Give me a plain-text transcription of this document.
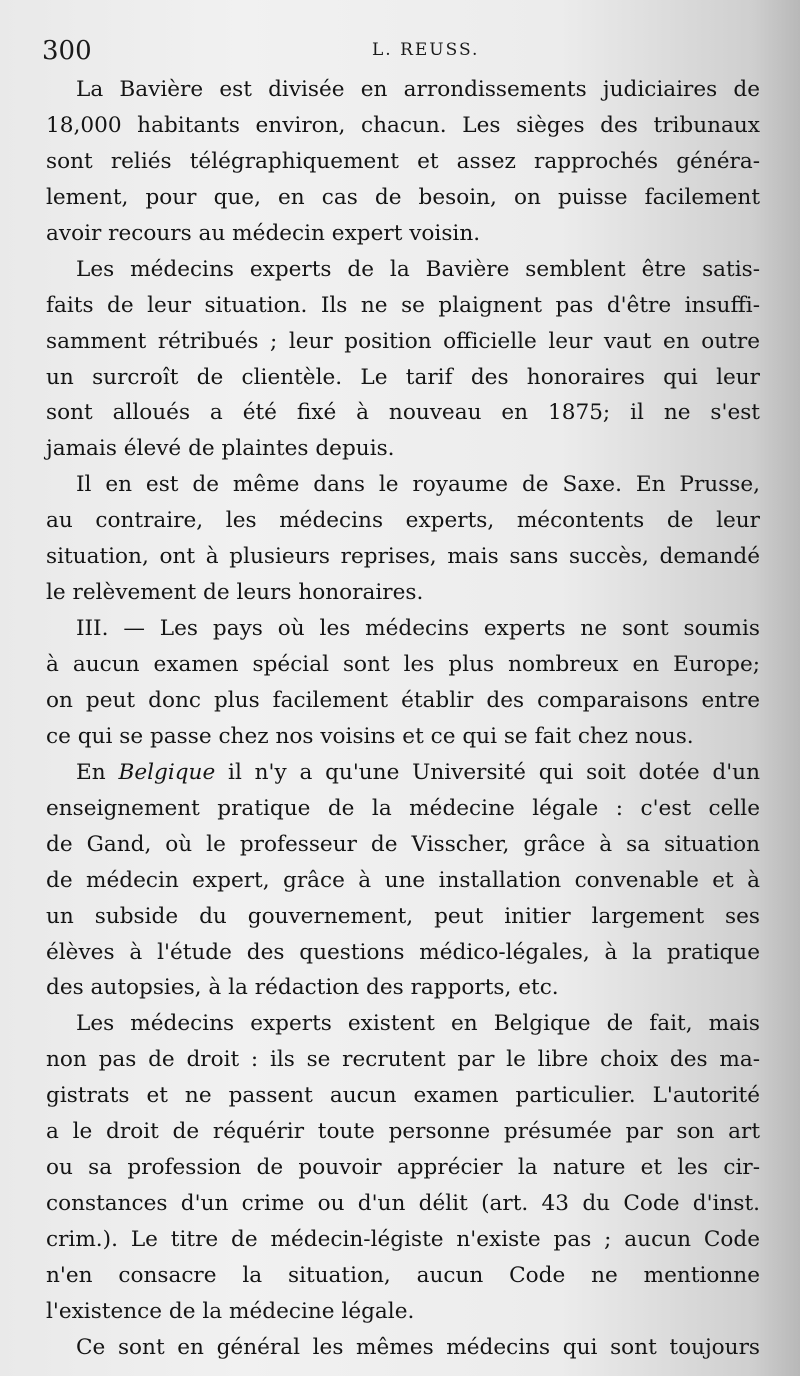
300	L. REUSS.
La Bavière est divisée en arrondissements judiciaires de
18,000 habitants environ, chacun. Les sièges des tribunaux
sont reliés télégraphiquement et assez rapprochés généra-
lement, pour que, en cas de besoin, on puisse facilement
avoir recours au médecin expert voisin.
Les médecins experts de la Bavière semblent être satis-
faits de leur situation. Ils ne se plaignent pas d'être insuffi-
samment rétribués ; leur position officielle leur vaut en outre
un surcroît de clientèle. Le tarif des honoraires qui leur
sont alloués a été fixé à nouveau en 1875; il ne s'est
jamais élevé de plaintes depuis.
Il en est de même dans le royaume de Saxe. En Prusse,
au contraire, les médecins experts, mécontents de leur
situation, ont à plusieurs reprises, mais sans succès, demandé
le relèvement de leurs honoraires.
III. — Les pays où les médecins experts ne sont soumis
à aucun examen spécial sont les plus nombreux en Europe;
on peut donc plus facilement établir des comparaisons entre
ce qui se passe chez nos voisins et ce qui se fait chez nous.
En Belgique il n'y a qu'une Université qui soit dotée d'un
enseignement pratique de la médecine légale : c'est celle
de Gand, où le professeur de Visscher, grâce à sa situation
de médecin expert, grâce à une installation convenable et à
un subside du gouvernement, peut initier largement ses
élèves à l'étude des questions médico-légales, à la pratique
des autopsies, à la rédaction des rapports, etc.
Les médecins experts existent en Belgique de fait, mais
non pas de droit : ils se recrutent par le libre choix des ma-
gistrats et ne passent aucun examen particulier. L'autorité
a le droit de réquérir toute personne présumée par son art
ou sa profession de pouvoir apprécier la nature et les cir-
constances d'un crime ou d'un délit (art. 43 du Code d'inst.
crim.). Le titre de médecin-légiste n'existe pas ; aucun Code
n'en consacre la situation, aucun Code ne mentionne
l'existence de la médecine légale.
Ce sont en général les mêmes médecins qui sont toujours
